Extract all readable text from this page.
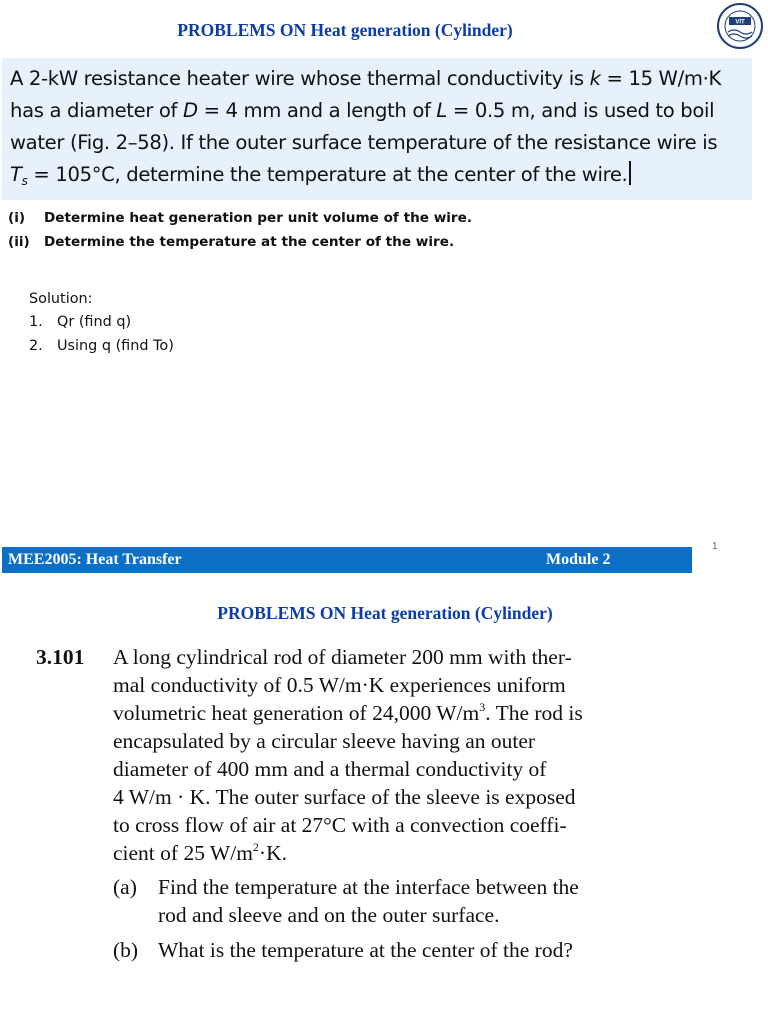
PROBLEMS ON Heat generation (Cylinder)	VIT
A 2-kW resistance heater wire whose thermal conductivity is k = 15 W/m·K
has a diameter of D = 4 mm and a length of L = 0.5 m, and is used to boil
water (Fig. 2–58). If the outer surface temperature of the resistance wire is
$T_s = 105^\circ C$, determine the temperature at the center of the wire.
(i)	Determine heat generation per unit volume of the wire.
(ii)	Determine the temperature at the center of the wire.
Solution:
1. Qr (find q)
2. Using q (find To)
MEE2005: Heat Transfer	Module 2
1
PROBLEMS ON Heat generation (Cylinder)
3.101	A long cylindrical rod of diameter 200 mm with ther-
mal conductivity of 0.5 W/m·K experiences uniform
volumetric heat generation of 24,000 $W/m^3$. The rod is
encapsulated by a circular sleeve having an outer
diameter of 400 mm and a thermal conductivity of
4 W/m · K. The outer surface of the sleeve is exposed
to cross flow of air at 27°C with a convection coeffi-
cient of 25 $W/m^2\cdot K$.
(a) Find the temperature at the interface between the
rod and sleeve and on the outer surface.
(b) What is the temperature at the center of the rod?
